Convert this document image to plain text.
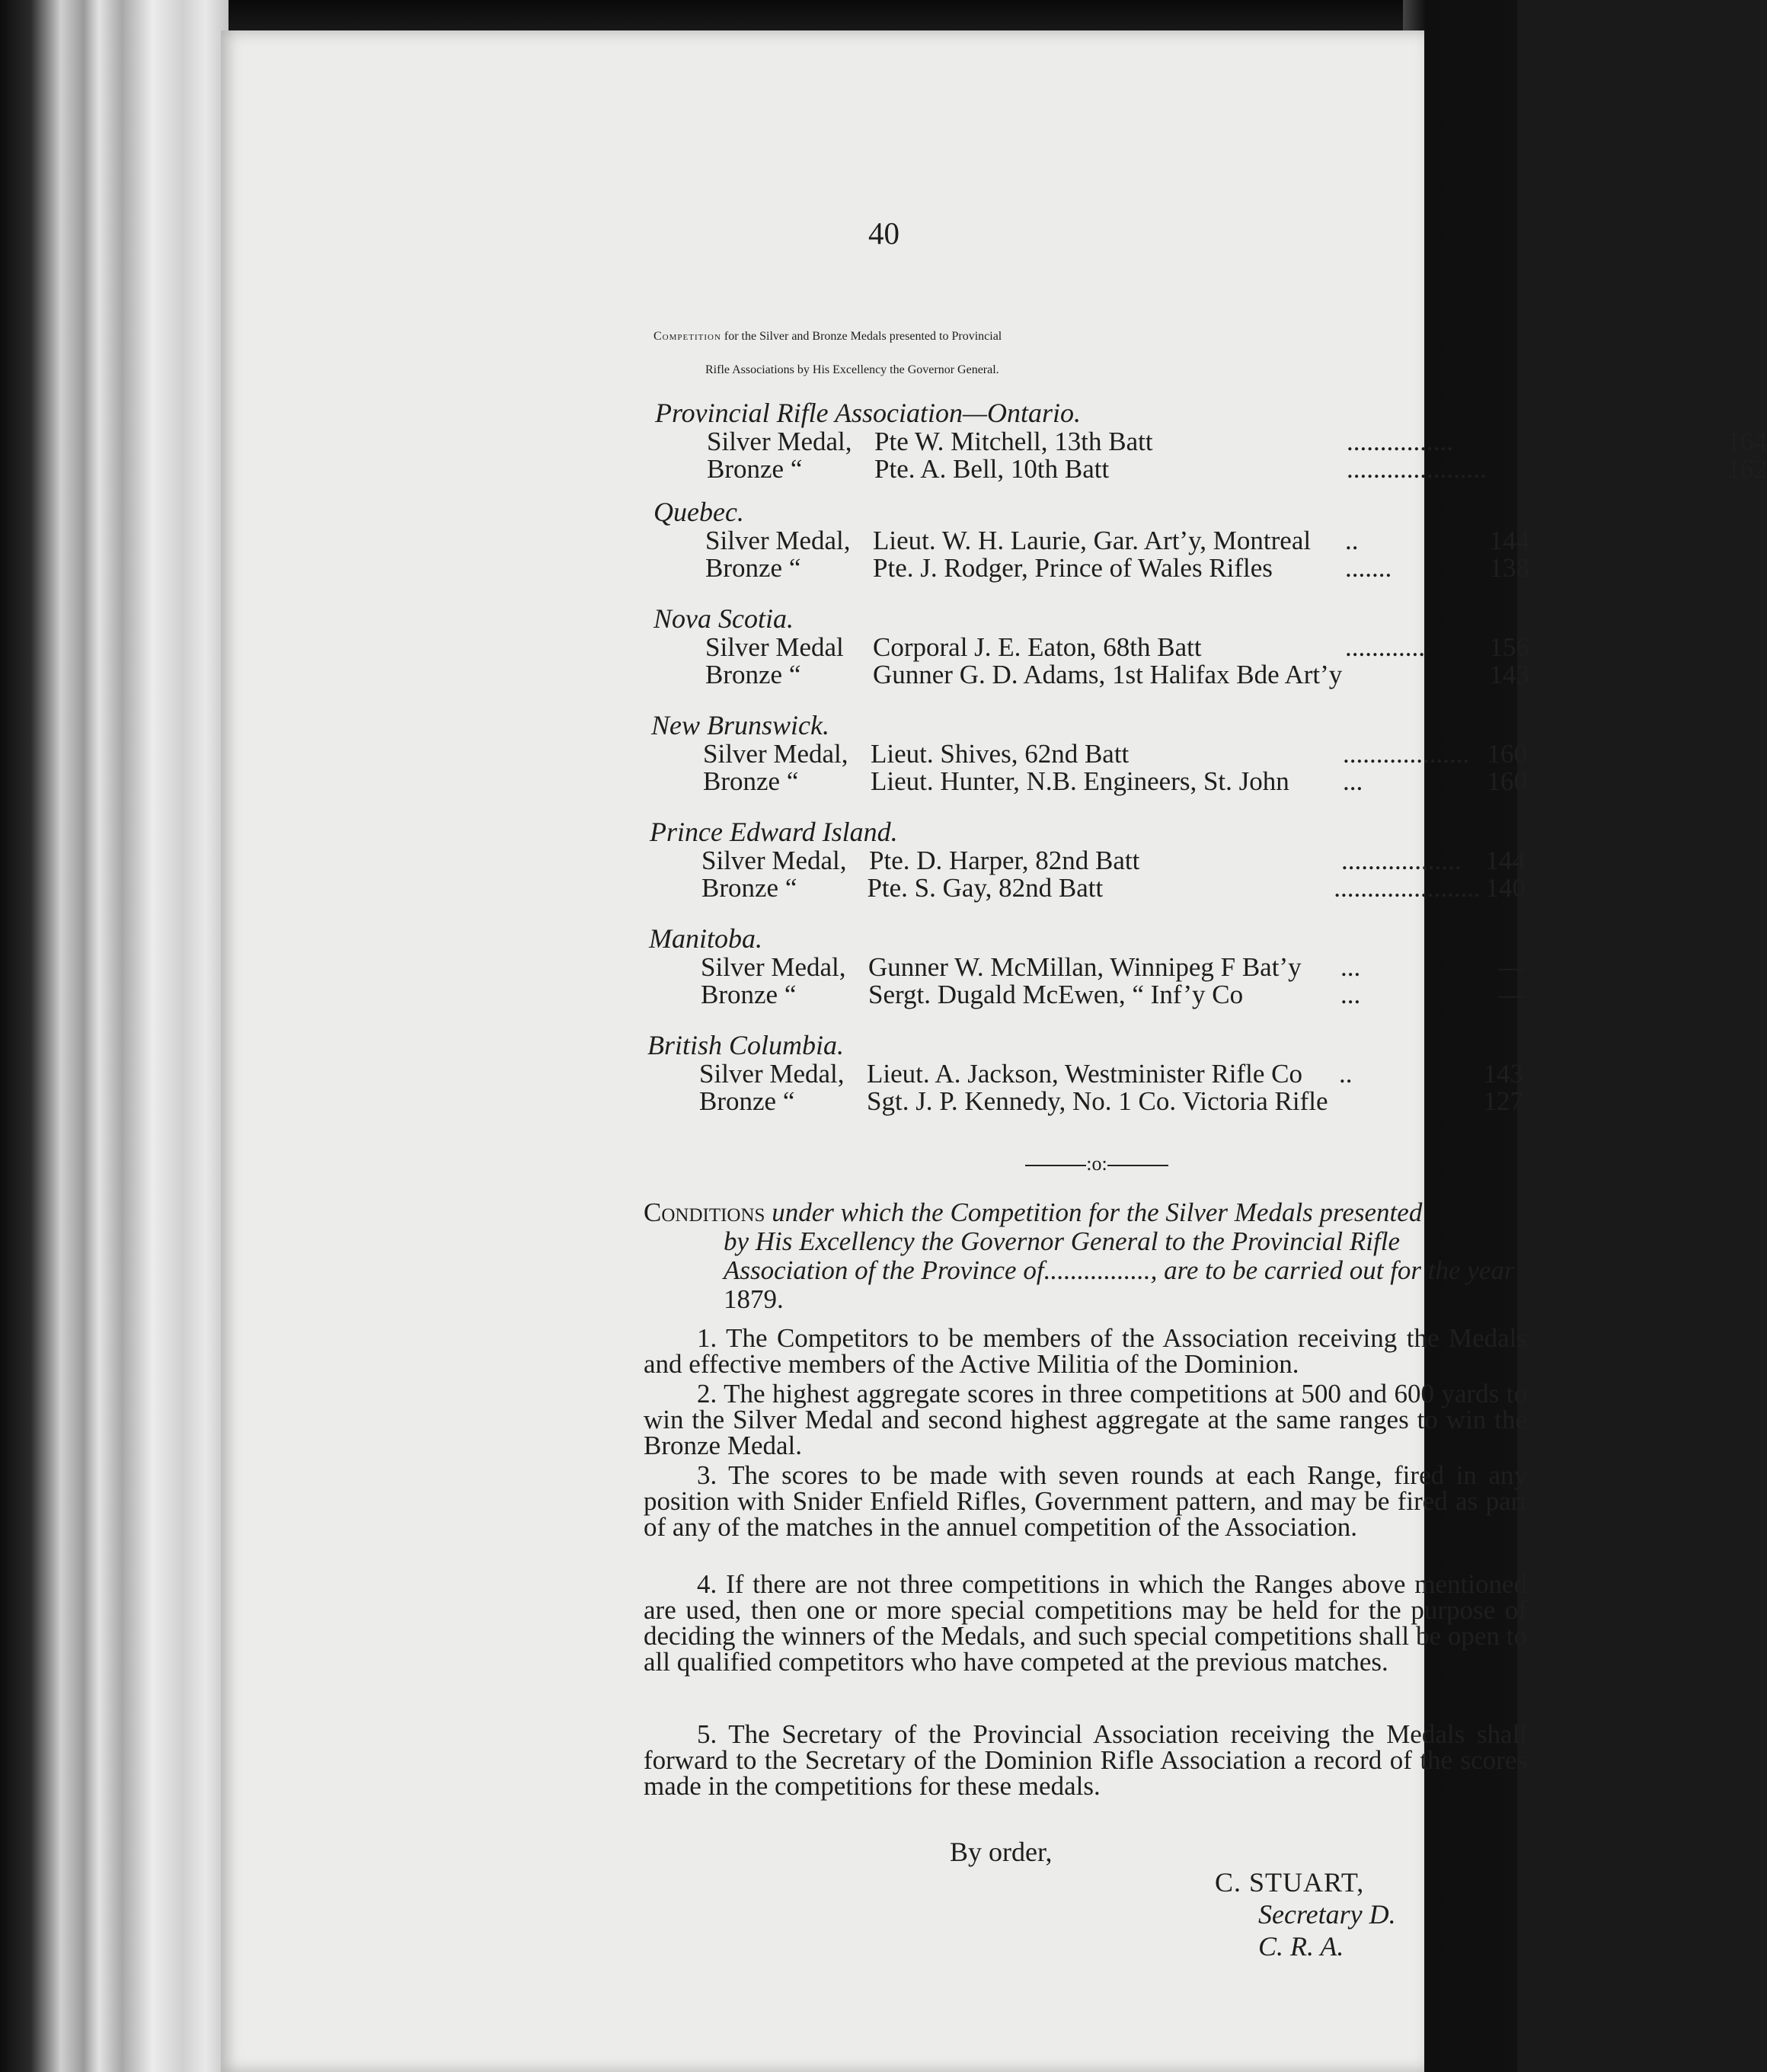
40
Competition for the Silver and Bronze Medals presented to Provincial
Rifle Associations by His Excellency the Governor General.

Provincial Rifle Association—Ontario.

Silver Medal, Pte W. Mitchell, 13th Batt	................	164
Bronze “	Pte. A. Bell, 10th Batt	.....................	162

Quebec.

Silver Medal, Lieut. W. H. Laurie, Gar. Art’y, Montreal	..	144
Bronze “	Pte. J. Rodger, Prince of Wales Rifles	.......	138

Nova Scotia.

Silver Medal	Corporal J. E. Eaton, 68th Batt	............	156
Bronze “	Gunner G. D. Adams, 1st Halifax Bde Art’y	143

New Brunswick.

Silver Medal, Lieut. Shives, 62nd Batt	................... 160
Bronze “	Lieut. Hunter, N.B. Engineers, St. John	...	160

Prince Edward Island.

Silver Medal, Pte. D. Harper, 82nd Batt	.................. 144
Bronze “	Pte. S. Gay, 82nd Batt	...................... 140

Manitoba.

Silver Medal, Gunner W. McMillan, Winnipeg F Bat’y	...	—
Bronze “	Sergt. Dugald McEwen, “ Inf’y Co	...	—

British Columbia.

Silver Medal, Lieut. A. Jackson, Westminister Rifle Co	..	143
Bronze “	Sgt. J. P. Kennedy, No. 1 Co. Victoria Rifle	127
:o:
Conditions under which the Competition for the Silver Medals presented
by His Excellency the Governor General to the Provincial Rifle Association of the Province of................, are to be carried out for the year 1879.

1. The Competitors to be members of the Association receiving the Medals and effective members of the Active Militia of the Dominion.

2. The highest aggregate scores in three competitions at 500 and 600 yards to win the Silver Medal and second highest aggregate at the same ranges to win the Bronze Medal.

3. The scores to be made with seven rounds at each Range, fired in any position with Snider Enfield Rifles, Government pattern, and may be fired as part of any of the matches in the annuel competition of the Association.

4. If there are not three competitions in which the Ranges above mentioned are used, then one or more special competitions may be held for the purpose of deciding the winners of the Medals, and such special competitions shall be open to all qualified competitors who have competed at the previous matches.

5. The Secretary of the Provincial Association receiving the Medals shall forward to the Secretary of the Dominion Rifle Association a record of the scores made in the competitions for these medals.

By order,
C. STUART,
Secretary D. C. R. A.
